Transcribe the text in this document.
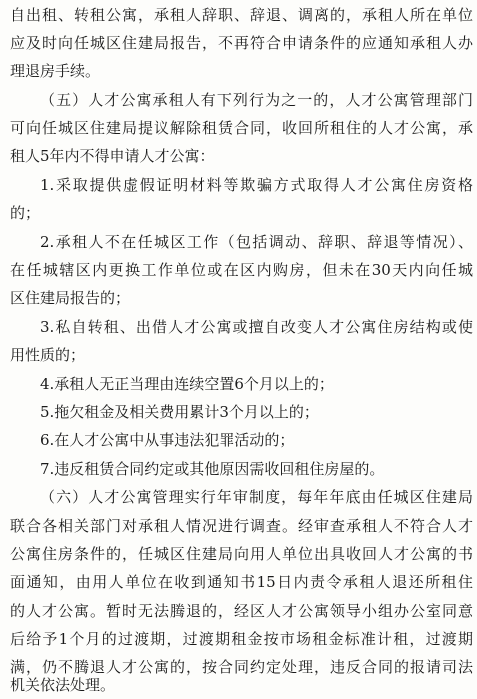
自出租、转租公寓，承租人辞职、辞退、调离的，承租人所在单位
应及时向任城区住建局报告，不再符合申请条件的应通知承租人办
理退房手续。
（五）人才公寓承租人有下列行为之一的，人才公寓管理部门
可向任城区住建局提议解除租赁合同，收回所租住的人才公寓，承
租人5年内不得申请人才公寓：
1.采取提供虚假证明材料等欺骗方式取得人才公寓住房资格
的；
2.承租人不在任城区工作（包括调动、辞职、辞退等情况）、
在任城辖区内更换工作单位或在区内购房，但未在30天内向任城
区住建局报告的；
3.私自转租、出借人才公寓或擅自改变人才公寓住房结构或使
用性质的；
4.承租人无正当理由连续空置6个月以上的；
5.拖欠租金及相关费用累计3个月以上的；
6.在人才公寓中从事违法犯罪活动的；
7.违反租赁合同约定或其他原因需收回租住房屋的。
（六）人才公寓管理实行年审制度，每年年底由任城区住建局
联合各相关部门对承租人情况进行调查。经审查承租人不符合人才
公寓住房条件的，任城区住建局向用人单位出具收回人才公寓的书
面通知，由用人单位在收到通知书15日内责令承租人退还所租住
的人才公寓。暂时无法腾退的，经区人才公寓领导小组办公室同意
后给予1个月的过渡期，过渡期租金按市场租金标准计租，过渡期
满，仍不腾退人才公寓的，按合同约定处理，违反合同的报请司法
机关依法处理。
